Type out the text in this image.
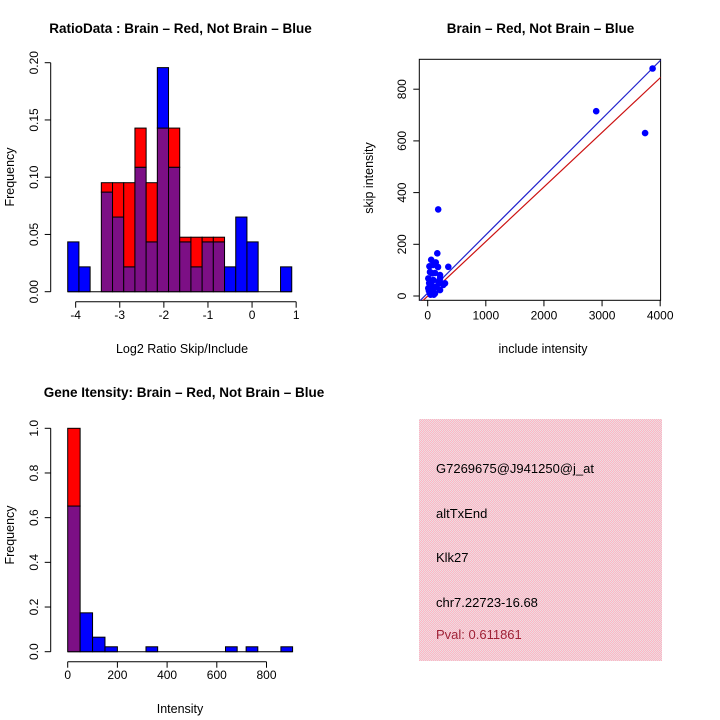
RatioData : Brain – Red, Not Brain – Blue
Frequency
Log2 Ratio Skip/Include
0.00
0.05
0.10
0.15
0.20
-4	-3	-2	-1	0	1
Brain – Red, Not Brain – Blue
skip intensity
include intensity
0	1000	2000	3000	4000
0
200
400
600
800
Gene Itensity: Brain – Red, Not Brain – Blue
Frequency
Intensity
0.0
0.2
0.4
0.6
0.8
1.0
0	200 400 600 800
G7269675@J941250@j_at
altTxEnd
Klk27
chr7.22723-16.68
Pval: 0.611861
